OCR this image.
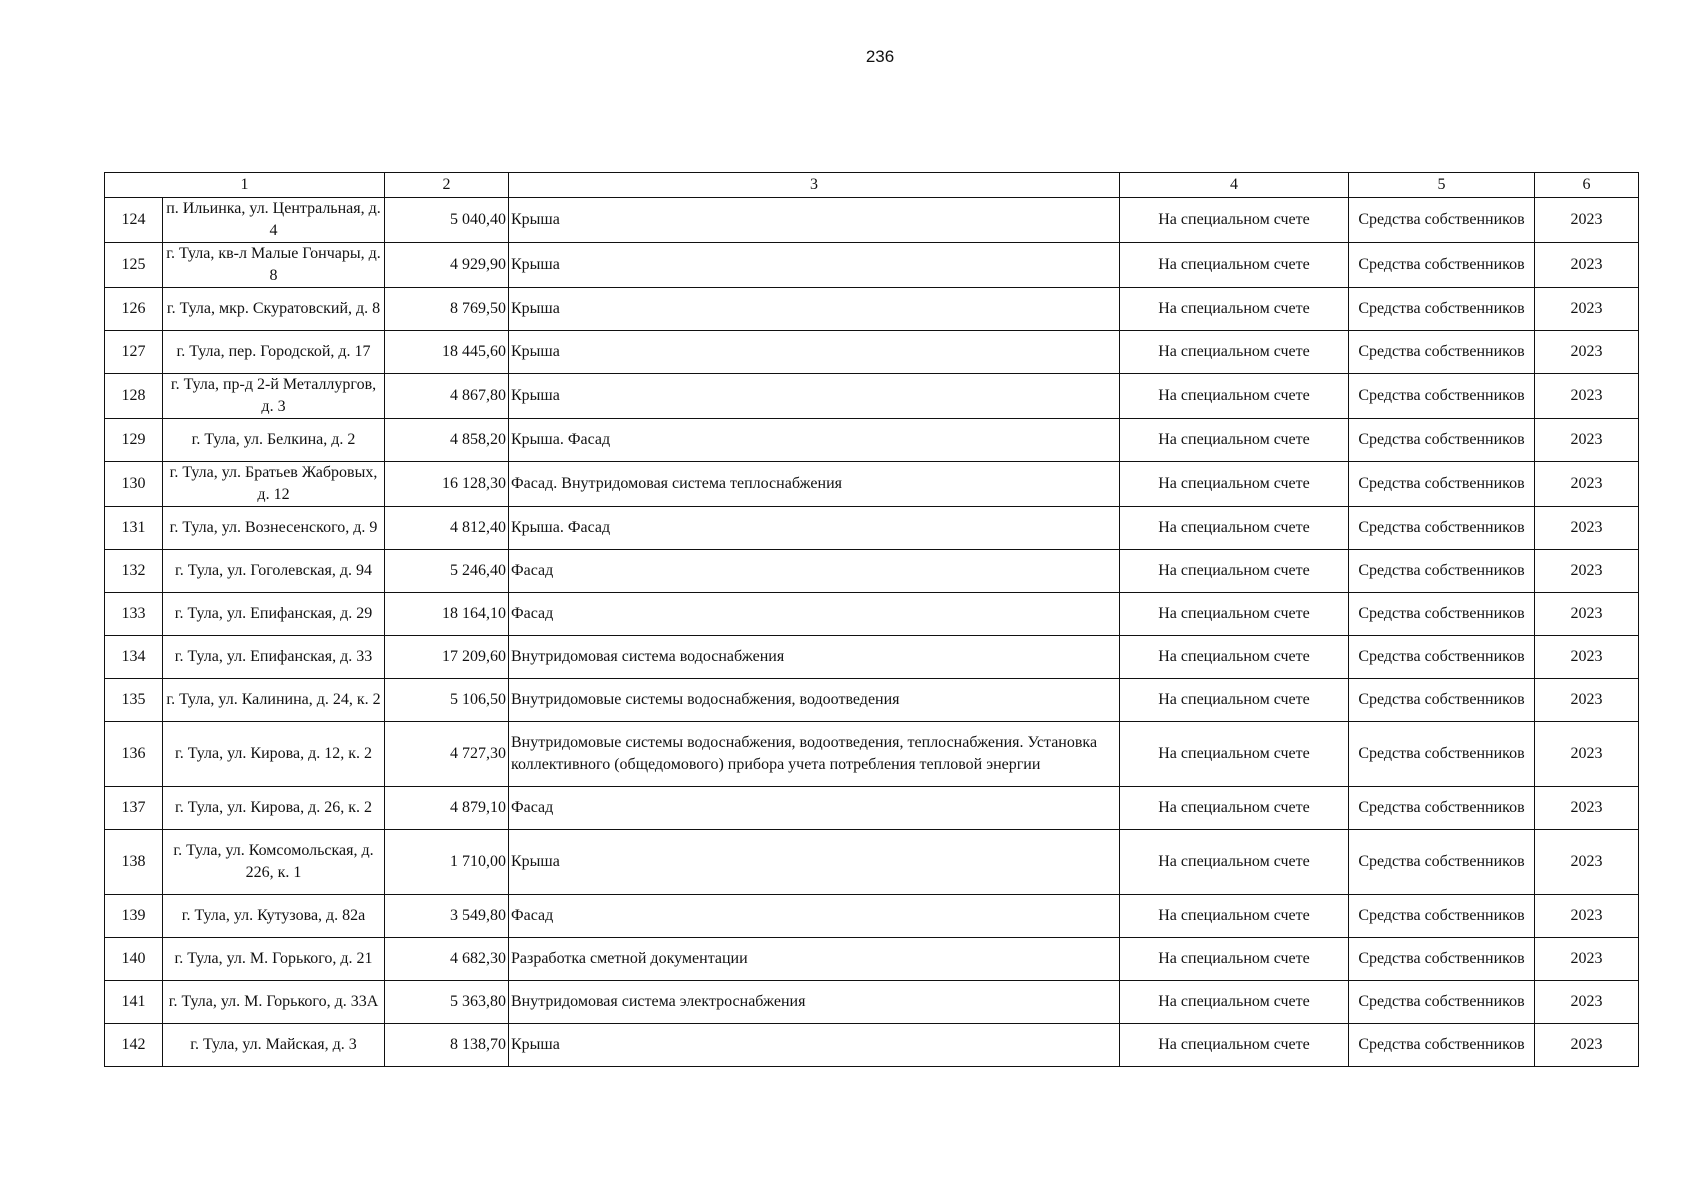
236
1		2	3	4	5	6
124	п. Ильинка, ул. Центральная, д. 4	5 040,40	Крыша	На специальном счете	Средства собственников	2023
125	г. Тула, кв-л Малые Гончары, д. 8	4 929,90	Крыша	На специальном счете	Средства собственников	2023
126	г. Тула, мкр. Скуратовский, д. 8	8 769,50	Крыша	На специальном счете	Средства собственников	2023
127	г. Тула, пер. Городской, д. 17	18 445,60	Крыша	На специальном счете	Средства собственников	2023
128	г. Тула, пр-д 2-й Металлургов, д. 3	4 867,80	Крыша	На специальном счете	Средства собственников	2023
129	г. Тула, ул. Белкина, д. 2	4 858,20	Крыша. Фасад	На специальном счете	Средства собственников	2023
130	г. Тула, ул. Братьев Жабровых, д. 12	16 128,30	Фасад. Внутридомовая система теплоснабжения	На специальном счете	Средства собственников	2023
131	г. Тула, ул. Вознесенского, д. 9	4 812,40	Крыша. Фасад	На специальном счете	Средства собственников	2023
132	г. Тула, ул. Гоголевская, д. 94	5 246,40	Фасад	На специальном счете	Средства собственников	2023
133	г. Тула, ул. Епифанская, д. 29	18 164,10	Фасад	На специальном счете	Средства собственников	2023
134	г. Тула, ул. Епифанская, д. 33	17 209,60	Внутридомовая система водоснабжения	На специальном счете	Средства собственников	2023
135	г. Тула, ул. Калинина, д. 24, к. 2	5 106,50	Внутридомовые системы водоснабжения, водоотведения	На специальном счете	Средства собственников	2023
136	г. Тула, ул. Кирова, д. 12, к. 2	4 727,30	Внутридомовые системы водоснабжения, водоотведения, теплоснабжения. Установка коллективного (общедомового) прибора учета потребления тепловой энергии	На специальном счете	Средства собственников	2023
137	г. Тула, ул. Кирова, д. 26, к. 2	4 879,10	Фасад	На специальном счете	Средства собственников	2023
138	г. Тула, ул. Комсомольская, д. 226, к. 1	1 710,00	Крыша	На специальном счете	Средства собственников	2023
139	г. Тула, ул. Кутузова, д. 82а	3 549,80	Фасад	На специальном счете	Средства собственников	2023
140	г. Тула, ул. М. Горького, д. 21	4 682,30	Разработка сметной документации	На специальном счете	Средства собственников	2023
141	г. Тула, ул. М. Горького, д. 33А	5 363,80	Внутридомовая система электроснабжения	На специальном счете	Средства собственников	2023
142	г. Тула, ул. Майская, д. 3	8 138,70	Крыша	На специальном счете	Средства собственников	2023
